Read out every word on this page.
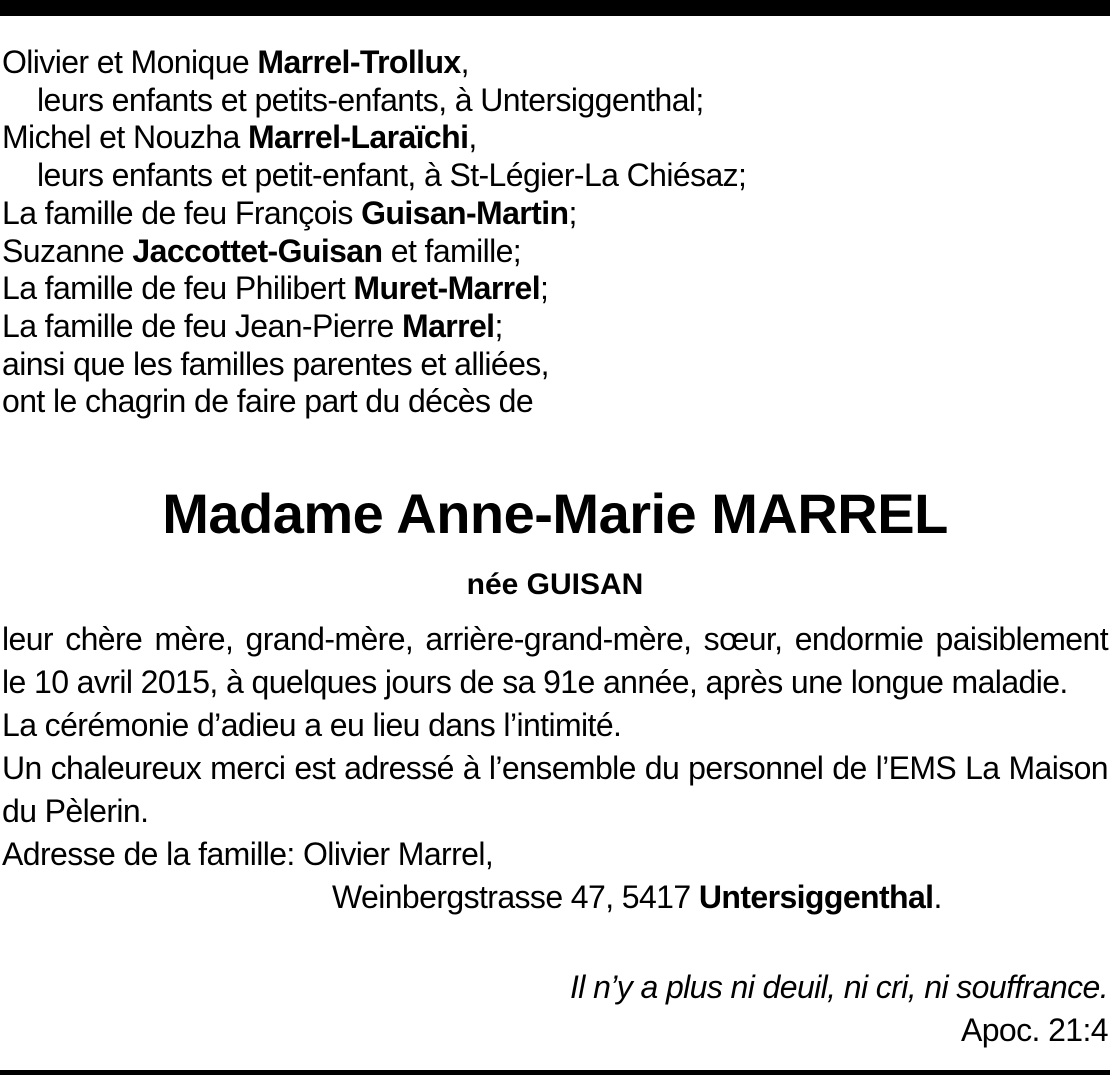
Olivier et Monique Marrel-Trollux,
leurs enfants et petits-enfants, à Untersiggenthal;
Michel et Nouzha Marrel-Laraïchi,
leurs enfants et petit-enfant, à St-Légier-La Chiésaz;
La famille de feu François Guisan-Martin;
Suzanne Jaccottet-Guisan et famille;
La famille de feu Philibert Muret-Marrel;
La famille de feu Jean-Pierre Marrel;
ainsi que les familles parentes et alliées,
ont le chagrin de faire part du décès de
Madame Anne-Marie MARREL
née GUISAN
leur chère mère, grand-mère, arrière-grand-mère, sœur, endormie paisiblement le 10 avril 2015, à quelques jours de sa 91e année, après une longue maladie.
La cérémonie d’adieu a eu lieu dans l’intimité.
Un chaleureux merci est adressé à l’ensemble du personnel de l’EMS La Maison du Pèlerin.
Adresse de la famille: Olivier Marrel,
Weinbergstrasse 47, 5417 Untersiggenthal.
Il n’y a plus ni deuil, ni cri, ni souffrance.
Apoc. 21:4
